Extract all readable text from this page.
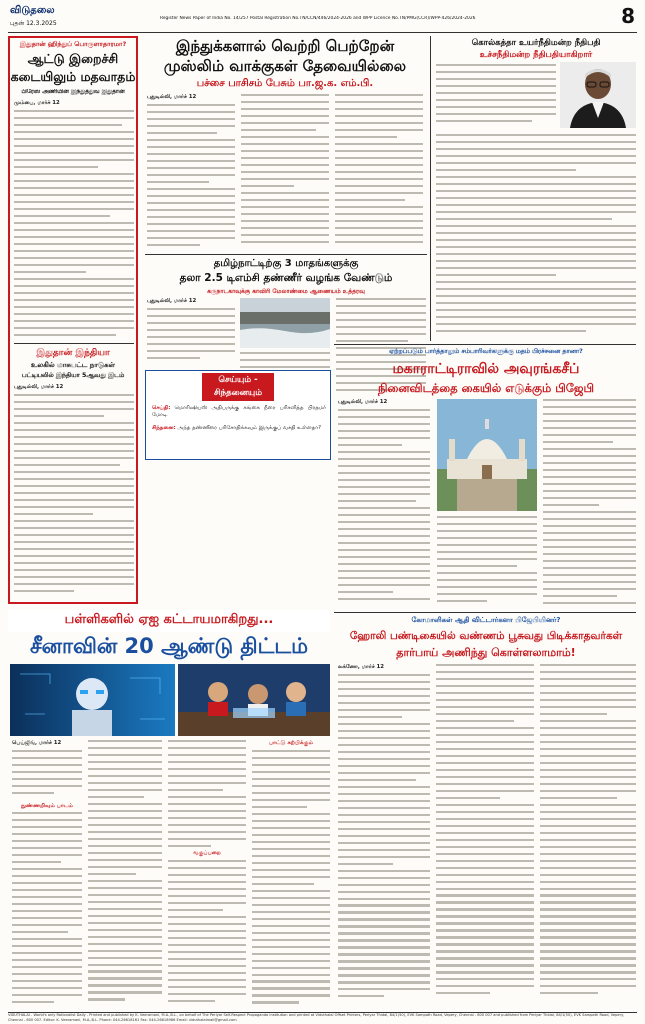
விடுதலை
புதன் 12.3.2025
Register News Paper of India No. 14/257 Postal Registration No.TN/CCN/446/2024-2026 and WPP Licence No.TN/PMG(CCR)/WPP-426/2024-2026	8
இதுதான் ஹிந்துப் பொருளாதாரமா?
ஆட்டு இறைச்சி
கடையிலும் மதவாதம்
பிரேஸ் அணியின் இந்துத்துவ இதுதான்
மும்பை, மார்ச் 12
இதுதான் இந்தியா
உலகில் மாசுபட்ட நாடுகள்
பட்டியலில் இந்தியா 5ஆவது இடம்
புதுடில்லி, மார்ச் 12
இந்துக்களால் வெற்றி பெற்றேன்
முஸ்லிம் வாக்குகள் தேவையில்லை
பச்சை பாசிசம் பேசும் பா.ஜ.க. எம்.பி.
புதுடில்லி, மார்ச் 12
கொல்கத்தா உயர்நீதிமன்ற நீதிபதி
உச்சநீதிமன்ற நீதிபதியாகிறார்
தமிழ்நாட்டிற்கு 3 மாதங்களுக்கு
தலா 2.5 டிஎம்சி தண்ணீர் வழங்க வேண்டும்
கருநாடகாவுக்கு காவிரி மேலாண்மை ஆணையம் உத்தரவு
புதுடில்லி, மார்ச் 12
செய்யும் -
சிந்தனையும்
செய்தி: மொரிஷியஸ் அதிபருக்கு கங்கை நீரை பரிசளித்த பிரதமர் மோடி
சிந்தனை: அந்த தண்ணீரை பரிசோதிக்கவும் இருக்குப் வசதி உள்ளதா?
ஏற்றப்படும் பார்த்தாலும் சம்பாரிவர்களுக்கு மதம் பிரச்சனை தானா?
மகாராட்டிராவில் அவுரங்கசீப்
நினைவிடத்தை கையில் எடுக்கும் பிஜேபி
புதுடில்லி, மார்ச் 12
பள்ளிகளில் ஏஐ கட்டாயமாகிறது...
சீனாவின் 20 ஆண்டு திட்டம்
பெய்ஜிங், மார்ச் 12
நுண்ணறிவும் பாடம்
வகுப்பறை
பாட்டு கற்பிக்கும்
கோமாளிகள் ஆதி விட்டார்களா பிஜேபியினர்?
ஹோலி பண்டிகையில் வண்ணம் பூசுவது பிடிக்காதவர்கள்
தார்பாய் அணிந்து கொள்ளலாமாம்!
லக்னோ, மார்ச் 12
VIDUTHALAI - World's only Rationalist Daily - Printed and published by K. Veeramani, M.A.,B.L., on behalf of The Periyar Self-Respect Propaganda Institution and printed at Viduthalai Offset Printers, Periyar Thidal, 84/1(50), EVK Sampath Road, Vepery, Chennai - 600 007 and published from Periyar Thidal, 84/1(50), EVK Sampath Road, Vepery, Chennai - 600 007. Editor: K. Veeramani, M.A.,B.L. Phone: 044-26618161 Fax: 044-26618986 Email: viduthalaimail@gmail.com
